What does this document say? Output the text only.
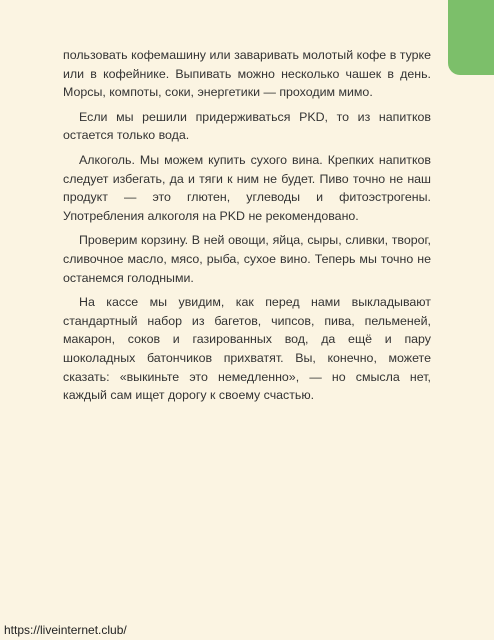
пользовать кофемашину или заваривать молотый кофе в турке или в кофейнике. Выпивать можно несколько чашек в день. Морсы, компоты, соки, энергетики — проходим мимо.

Если мы решили придерживаться PKD, то из напитков остается только вода.

Алкоголь. Мы можем купить сухого вина. Крепких напитков следует избегать, да и тяги к ним не будет. Пиво точно не наш продукт — это глютен, углеводы и фитоэстрогены. Употребления алкоголя на PKD не рекомендовано.

Проверим корзину. В ней овощи, яйца, сыры, сливки, творог, сливочное масло, мясо, рыба, сухое вино. Теперь мы точно не останемся голодными.

На кассе мы увидим, как перед нами выкладывают стандартный набор из багетов, чипсов, пива, пельменей, макарон, соков и газированных вод, да ещё и пару шоколадных батончиков прихватят. Вы, конечно, можете сказать: «выкиньте это немедленно», — но смысла нет, каждый сам ищет дорогу к своему счастью.

https://liveinternet.club/
